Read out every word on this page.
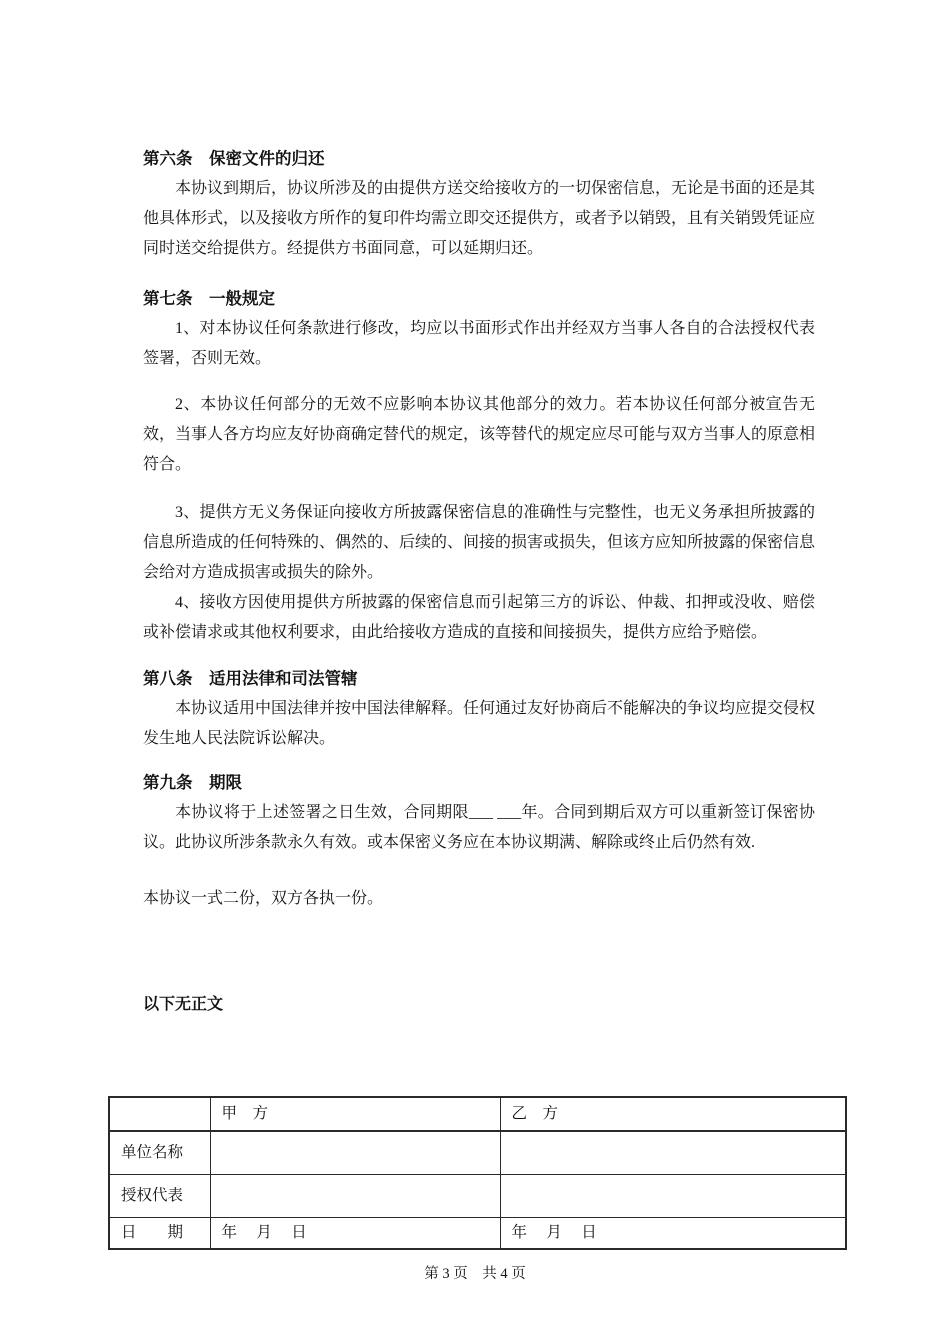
第六条　保密文件的归还

本协议到期后，协议所涉及的由提供方送交给接收方的一切保密信息，无论是书面的还是其他具体形式，以及接收方所作的复印件均需立即交还提供方，或者予以销毁，且有关销毁凭证应同时送交给提供方。经提供方书面同意，可以延期归还。

第七条　一般规定

1、对本协议任何条款进行修改，均应以书面形式作出并经双方当事人各自的合法授权代表签署，否则无效。

2、本协议任何部分的无效不应影响本协议其他部分的效力。若本协议任何部分被宣告无效，当事人各方均应友好协商确定替代的规定，该等替代的规定应尽可能与双方当事人的原意相符合。

3、提供方无义务保证向接收方所披露保密信息的准确性与完整性，也无义务承担所披露的信息所造成的任何特殊的、偶然的、后续的、间接的损害或损失，但该方应知所披露的保密信息会给对方造成损害或损失的除外。

4、接收方因使用提供方所披露的保密信息而引起第三方的诉讼、仲裁、扣押或没收、赔偿或补偿请求或其他权利要求，由此给接收方造成的直接和间接损失，提供方应给予赔偿。

第八条　适用法律和司法管辖

本协议适用中国法律并按中国法律解释。任何通过友好协商后不能解决的争议均应提交侵权发生地人民法院诉讼解决。

第九条　期限

本协议将于上述签署之日生效，合同期限___ ___年。合同到期后双方可以重新签订保密协议。此协议所涉条款永久有效。或本保密义务应在本协议期满、解除或终止后仍然有效.

本协议一式二份，双方各执一份。

以下无正文

	甲　方	乙　方
单位名称		
授权代表		
日　　期	年　 月　 日	年　 月　 日
第 3 页　共 4 页
